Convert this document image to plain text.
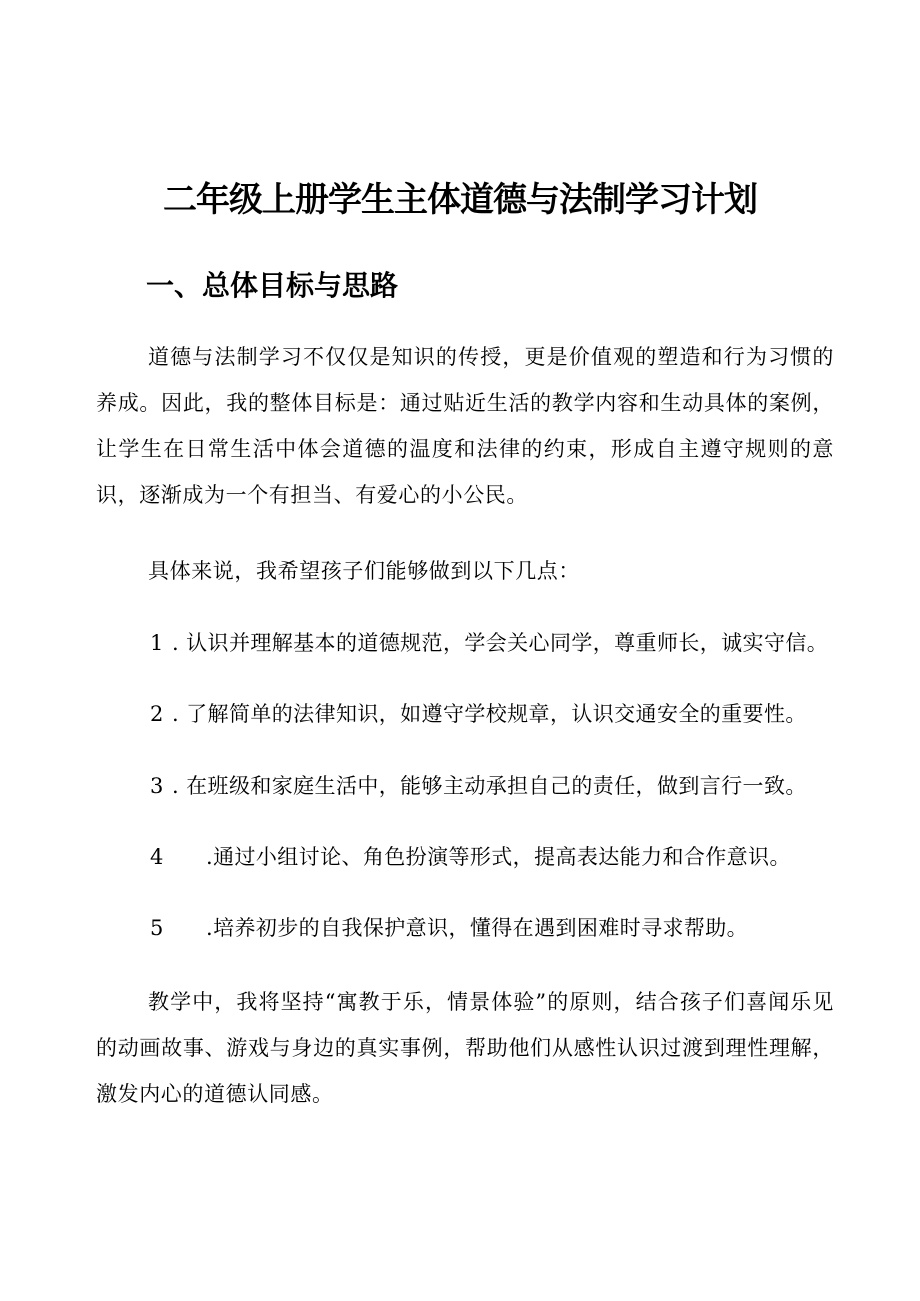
二年级上册学生主体道德与法制学习计划
一、总体目标与思路

道德与法制学习不仅仅是知识的传授，更是价值观的塑造和行为习惯的养成。因此，我的整体目标是：通过贴近生活的教学内容和生动具体的案例，让学生在日常生活中体会道德的温度和法律的约束，形成自主遵守规则的意识，逐渐成为一个有担当、有爱心的小公民。

具体来说，我希望孩子们能够做到以下几点：

1 . 认识并理解基本的道德规范，学会关心同学，尊重师长，诚实守信。

2 . 了解简单的法律知识，如遵守学校规章，认识交通安全的重要性。

3 . 在班级和家庭生活中，能够主动承担自己的责任，做到言行一致。

4 .通过小组讨论、角色扮演等形式，提高表达能力和合作意识。

5 .培养初步的自我保护意识，懂得在遇到困难时寻求帮助。

教学中，我将坚持“寓教于乐，情景体验”的原则，结合孩子们喜闻乐见的动画故事、游戏与身边的真实事例，帮助他们从感性认识过渡到理性理解，激发内心的道德认同感。
